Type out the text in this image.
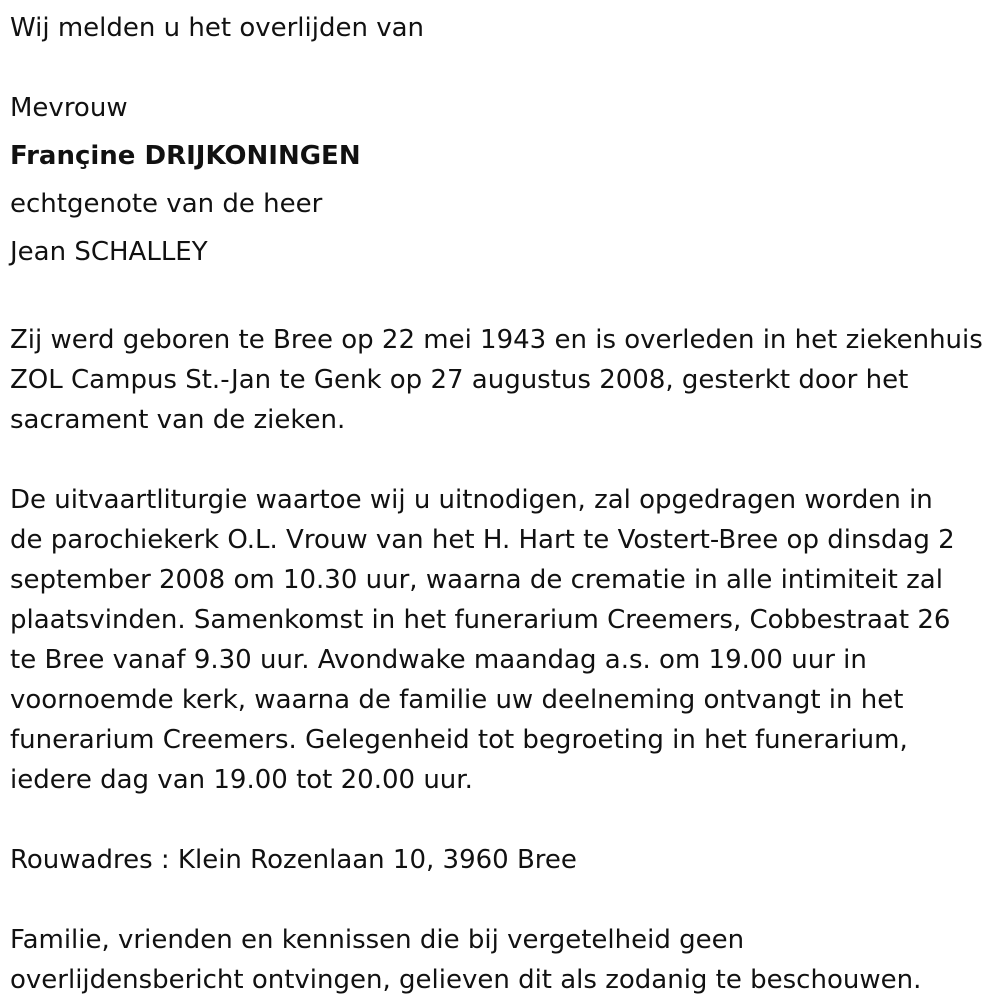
Wij melden u het overlijden van
Mevrouw
Françine DRIJKONINGEN
echtgenote van de heer
Jean SCHALLEY
Zij werd geboren te Bree op 22 mei 1943 en is overleden in het ziekenhuis
ZOL Campus St.-Jan te Genk op 27 augustus 2008, gesterkt door het
sacrament van de zieken.
De uitvaartliturgie waartoe wij u uitnodigen, zal opgedragen worden in
de parochiekerk O.L. Vrouw van het H. Hart te Vostert-Bree op dinsdag 2
september 2008 om 10.30 uur, waarna de crematie in alle intimiteit zal
plaatsvinden. Samenkomst in het funerarium Creemers, Cobbestraat 26
te Bree vanaf 9.30 uur. Avondwake maandag a.s. om 19.00 uur in
voornoemde kerk, waarna de familie uw deelneming ontvangt in het
funerarium Creemers. Gelegenheid tot begroeting in het funerarium,
iedere dag van 19.00 tot 20.00 uur.
Rouwadres : Klein Rozenlaan 10, 3960 Bree
Familie, vrienden en kennissen die bij vergetelheid geen
overlijdensbericht ontvingen, gelieven dit als zodanig te beschouwen.
